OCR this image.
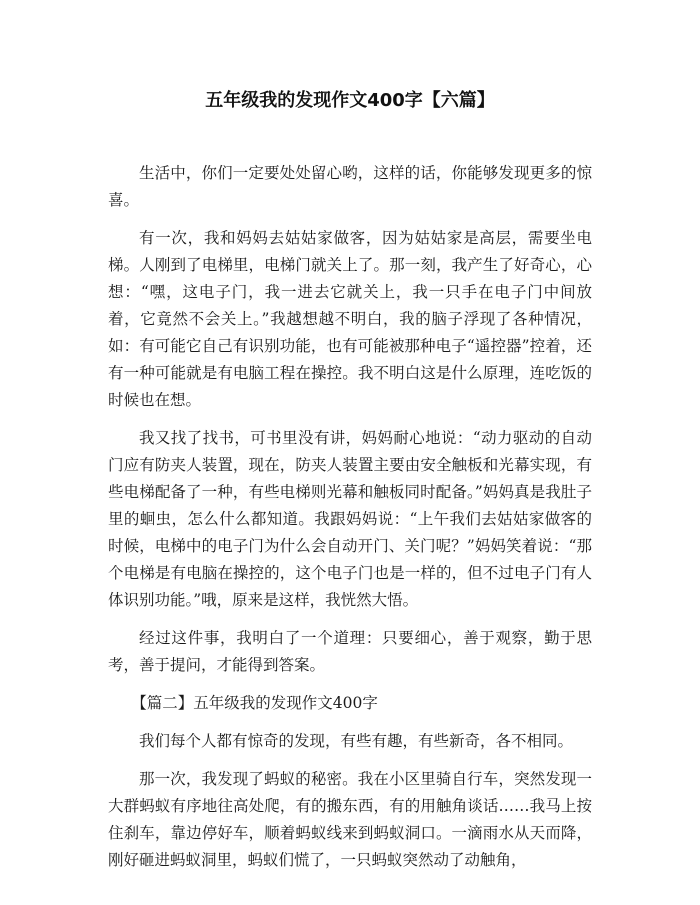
五年级我的发现作文400字【六篇】

生活中，你们一定要处处留心哟，这样的话，你能够发现更多的惊喜。

有一次，我和妈妈去姑姑家做客，因为姑姑家是高层，需要坐电梯。人刚到了电梯里，电梯门就关上了。那一刻，我产生了好奇心，心想：“嘿，这电子门，我一进去它就关上，我一只手在电子门中间放着，它竟然不会关上。”我越想越不明白，我的脑子浮现了各种情况，如：有可能它自己有识别功能，也有可能被那种电子“遥控器”控着，还有一种可能就是有电脑工程在操控。我不明白这是什么原理，连吃饭的时候也在想。

我又找了找书，可书里没有讲，妈妈耐心地说：“动力驱动的自动门应有防夹人装置，现在，防夹人装置主要由安全触板和光幕实现，有些电梯配备了一种，有些电梯则光幕和触板同时配备。”妈妈真是我肚子里的蛔虫，怎么什么都知道。我跟妈妈说：“上午我们去姑姑家做客的时候，电梯中的电子门为什么会自动开门、关门呢？”妈妈笑着说：“那个电梯是有电脑在操控的，这个电子门也是一样的，但不过电子门有人体识别功能。”哦，原来是这样，我恍然大悟。

经过这件事，我明白了一个道理：只要细心，善于观察，勤于思考，善于提问，才能得到答案。

【篇二】五年级我的发现作文400字

我们每个人都有惊奇的发现，有些有趣，有些新奇，各不相同。

那一次，我发现了蚂蚁的秘密。我在小区里骑自行车，突然发现一大群蚂蚁有序地往高处爬，有的搬东西，有的用触角谈话……我马上按住刹车，靠边停好车，顺着蚂蚁线来到蚂蚁洞口。一滴雨水从天而降，刚好砸进蚂蚁洞里，蚂蚁们慌了，一只蚂蚁突然动了动触角，
